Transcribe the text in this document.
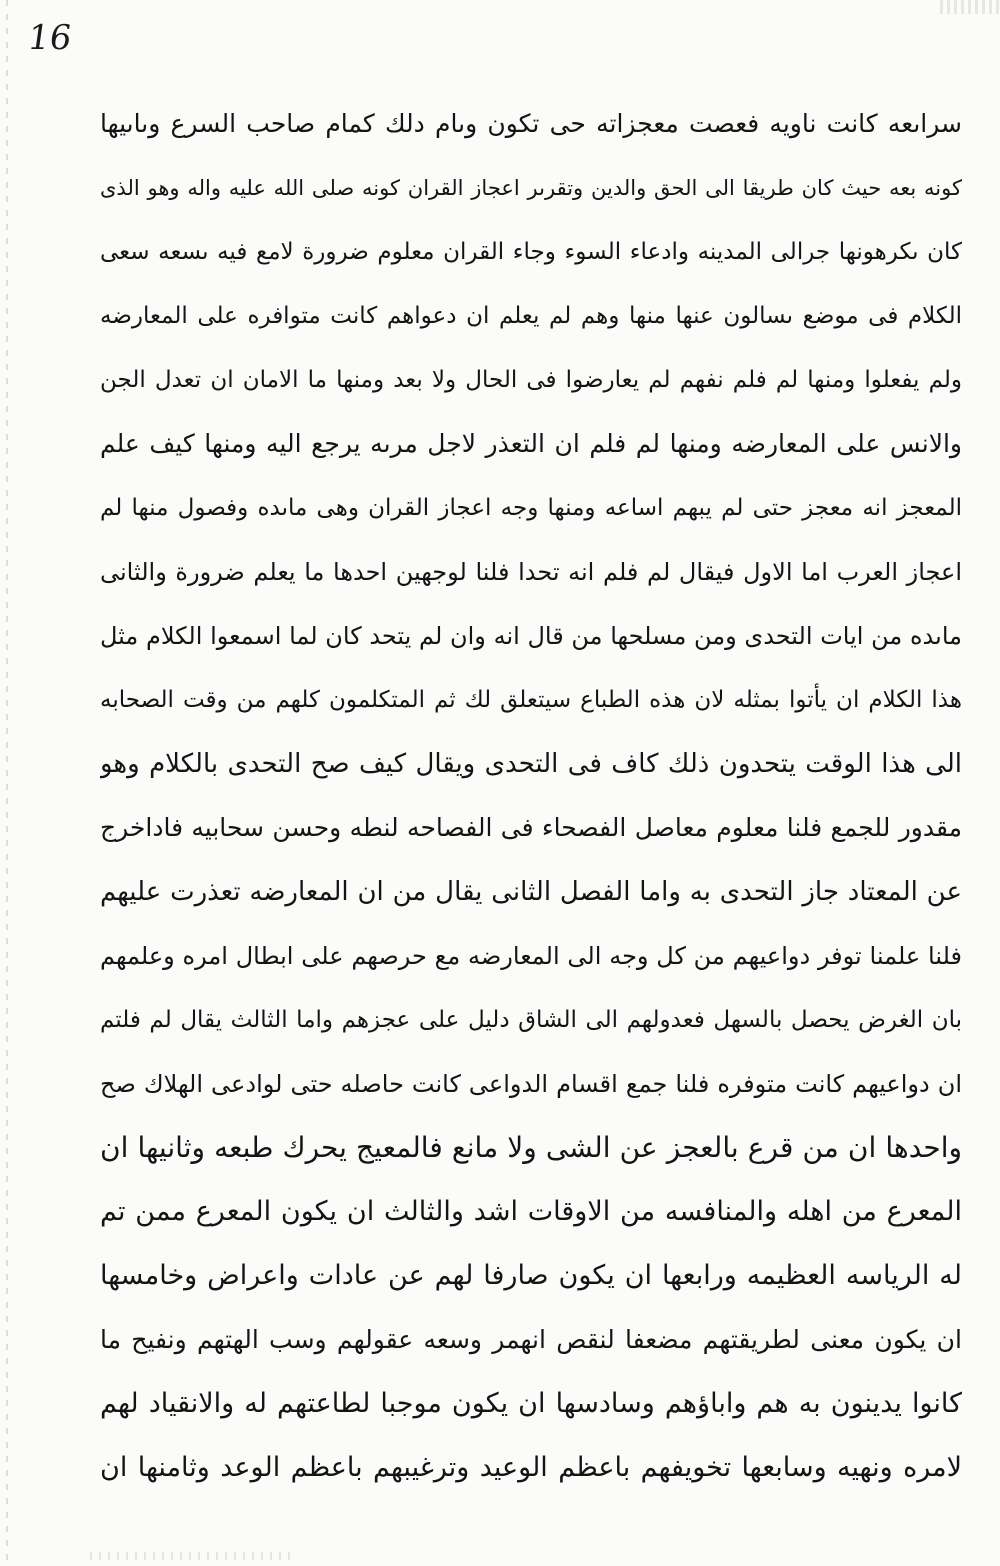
16
سراىعه كانت ناويه فعصت معجزاته حى تكون وىام دلك كمام صاحب السرع وىاىيها
كونه بعه حيث كان طريقا الى الحق والدين وتقرىر اعجاز القران كونه صلى الله عليه واله وهو الذى
كان ىكرهونها جرالى المدينه وادعاء السوء وجاء القران معلوم ضرورة لامع فيه ىسعه سعى
الكلام فى موضع ىسالون عنها منها وهم لم يعلم ان دعواهم كانت متوافره على المعارضه
ولم يفعلوا ومنها لم فلم نفهم لم يعارضوا فى الحال ولا بعد ومنها ما الامان ان تعدل الجن
والانس على المعارضه ومنها لم فلم ان التعذر لاجل مرىه يرجع اليه ومنها كيف علم
المعجز انه معجز حتى لم يبهم اساعه ومنها وجه اعجاز القران وهى ماىده وفصول منها لم
اعجاز العرب اما الاول فيقال لم فلم انه تحدا فلنا لوجهين احدها ما يعلم ضرورة والثانى
ماىده من ايات التحدى ومن مسلحها من قال انه وان لم يتحد كان لما اسمعوا الكلام مثل
هذا الكلام ان يأتوا بمثله لان هذه الطباع سيتعلق لك ثم المتكلمون كلهم من وقت الصحابه
الى هذا الوقت يتحدون ذلك كاف فى التحدى ويقال كيف صح التحدى بالكلام وهو
مقدور للجمع فلنا معلوم معاصل الفصحاء فى الفصاحه لنطه وحسن سحابيه فاداخرج
عن المعتاد جاز التحدى به واما الفصل الثانى يقال من ان المعارضه تعذرت عليهم
فلنا علمنا توفر دواعيهم من كل وجه الى المعارضه مع حرصهم على ابطال امره وعلمهم
بان الغرض يحصل بالسهل فعدولهم الى الشاق دليل على عجزهم واما الثالث يقال لم فلتم
ان دواعيهم كانت متوفره فلنا جمع اقسام الدواعى كانت حاصله حتى لوادعى الهلاك صح
واحدها ان من قرع بالعجز عن الشى ولا مانع فالمعيج يحرك طبعه وثانيها ان
المعرع من اهله والمنافسه من الاوقات اشد والثالث ان يكون المعرع ممن تم
له الرياسه العظيمه ورابعها ان يكون صارفا لهم عن عادات واعراض وخامسها
ان يكون معنى لطريقتهم مضعفا لنقص انهمر وسعه عقولهم وسب الهتهم ونفيح ما
كانوا يدينون به هم واباؤهم وسادسها ان يكون موجبا لطاعتهم له والانقياد لهم
لامره ونهيه وسابعها تخويفهم باعظم الوعيد وترغيبهم باعظم الوعد وثامنها ان
